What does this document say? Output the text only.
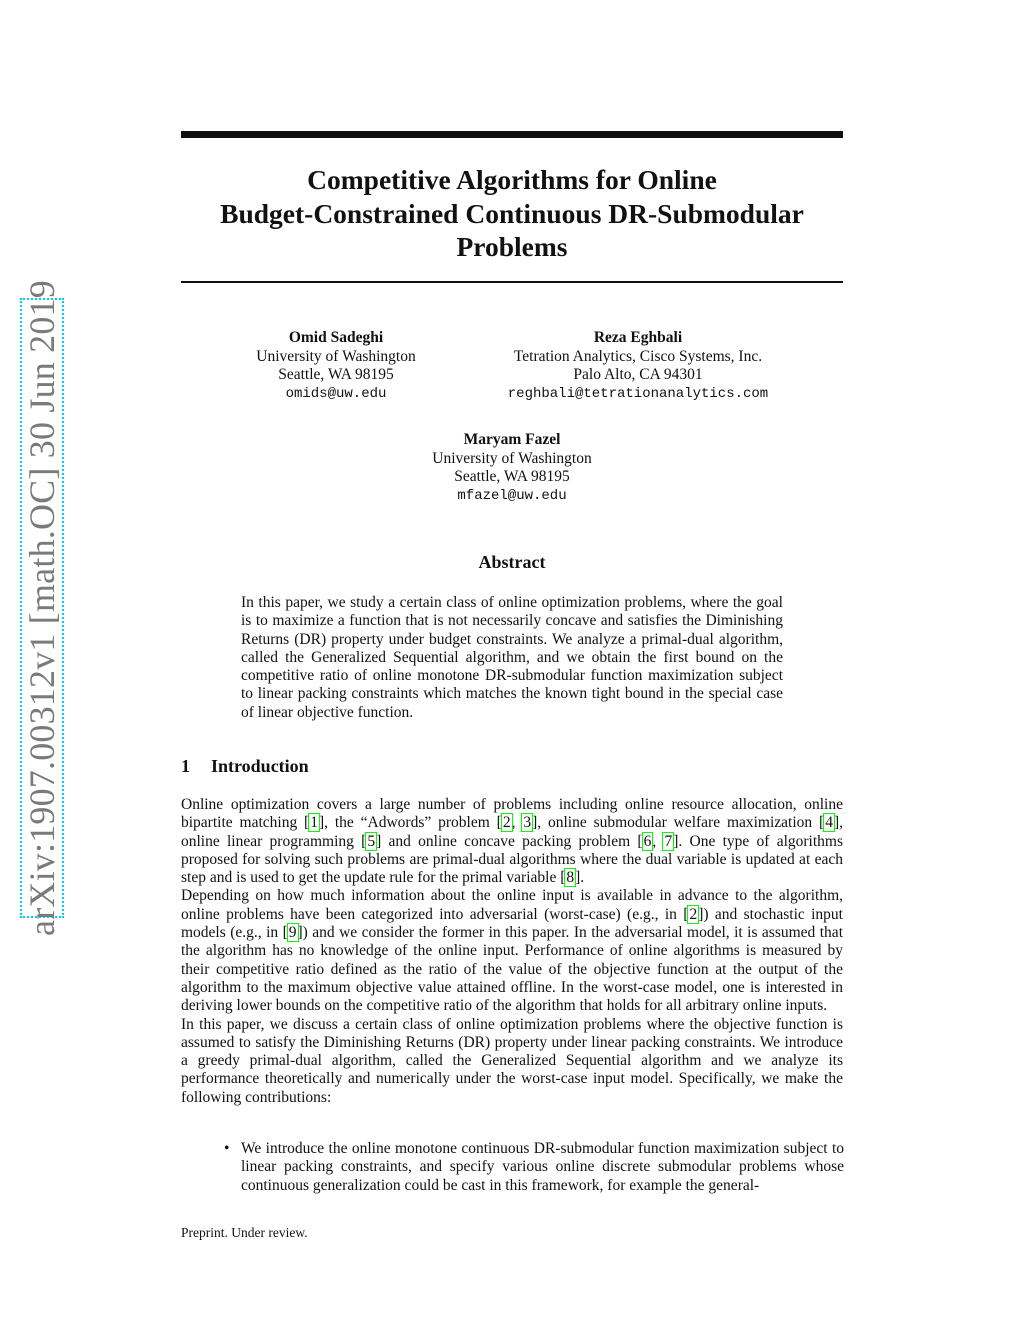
arXiv:1907.00312v1 [math.OC] 30 Jun 2019
Competitive Algorithms for Online
Budget-Constrained Continuous DR-Submodular
Problems
Omid Sadeghi
University of Washington
Seattle, WA 98195
omids@uw.edu
Reza Eghbali
Tetration Analytics, Cisco Systems, Inc.
Palo Alto, CA 94301
reghbali@tetrationanalytics.com
Maryam Fazel
University of Washington
Seattle, WA 98195
mfazel@uw.edu
Abstract
In this paper, we study a certain class of online optimization problems, where the goal is to maximize a function that is not necessarily concave and satisfies the Diminishing Returns (DR) property under budget constraints. We analyze a primal-dual algorithm, called the Generalized Sequential algorithm, and we obtain the first bound on the competitive ratio of online monotone DR-submodular function maximization subject to linear packing constraints which matches the known tight bound in the special case of linear objective function.
1 Introduction

Online optimization covers a large number of problems including online resource allocation, online bipartite matching [1], the “Adwords” problem [2, 3], online submodular welfare maximization [4], online linear programming [5] and online concave packing problem [6, 7]. One type of algorithms proposed for solving such problems are primal-dual algorithms where the dual variable is updated at each step and is used to get the update rule for the primal variable [8].

Depending on how much information about the online input is available in advance to the algorithm, online problems have been categorized into adversarial (worst-case) (e.g., in [2]) and stochastic input models (e.g., in [9]) and we consider the former in this paper. In the adversarial model, it is assumed that the algorithm has no knowledge of the online input. Performance of online algorithms is measured by their competitive ratio defined as the ratio of the value of the objective function at the output of the algorithm to the maximum objective value attained offline. In the worst-case model, one is interested in deriving lower bounds on the competitive ratio of the algorithm that holds for all arbitrary online inputs.

In this paper, we discuss a certain class of online optimization problems where the objective function is assumed to satisfy the Diminishing Returns (DR) property under linear packing constraints. We introduce a greedy primal-dual algorithm, called the Generalized Sequential algorithm and we analyze its performance theoretically and numerically under the worst-case input model. Specifically, we make the following contributions:

• We introduce the online monotone continuous DR-submodular function maximization subject to linear packing constraints, and specify various online discrete submodular problems whose continuous generalization could be cast in this framework, for example the general-
Preprint. Under review.
